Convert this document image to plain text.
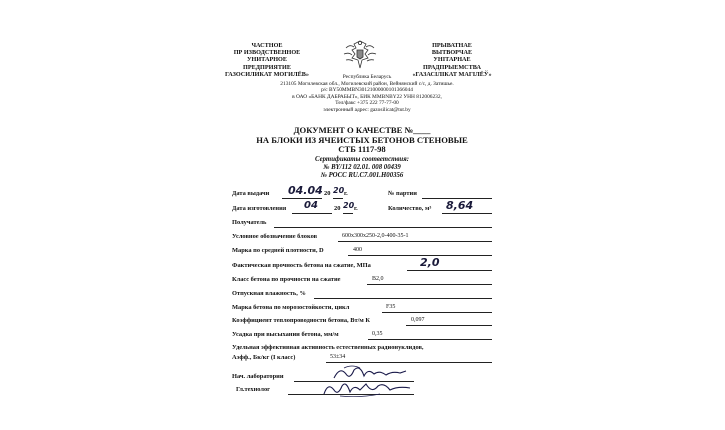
ЧАСТНОЕ
ПР ИЗВОДСТВЕННОЕ
УНИТАРНОЕ
ПРЕДПРИЯТИЕ
ГАЗОСИЛИКАТ МОГИЛЁВ»
ПРЫВАТНАЕ
ВЫТВОРЧАЕ
УНІТАРНАЕ
ПРАДПРЫЕМСТВА
«ГАЗАСІЛІКАТ МАГІЛЁЎ»
Республика Беларусь
213105 Могилевская обл., Могилевский район, Вейнянский с/с, д. Затишье.
р/с BY50MMBN30121000000101366044
в ОАО «БАНК ДАБРАБЫТ», БИК MMBNBY22 УНН 812006232,
Тел/факс +375 222 77-77-00
электронный адрес: gazosilicat@tut.by
ДОКУМЕНТ О КАЧЕСТВЕ №____
НА БЛОКИ ИЗ ЯЧЕИСТЫХ БЕТОНОВ СТЕНОВЫЕ
СТБ 1117-98
Сертификаты соответствия:
№ BY/112 02.01. 008 00439
№ РОСС RU.С7.001.Н00356
Дата выдачи 04.04 20 20 г.	№ партии
Дата изготовления 04	20 20 г.	Количество, м³ 8,64
Получатель
Условное обозначение блоков	600х300х250-2,0-400-35-1
Марка по средней плотности, D	400
Фактическая прочность бетона на сжатие, МПа	2,0
Класс бетона по прочности на сжатие	В2,0
Отпускная влажность, %
Марка бетона по морозостойкости, цикл	F35
Коэффициент теплопроводности бетона, Вт/м К	0,097
Усадка при высыхании бетона, мм/м	0,35
Удельная эффективная активность естественных радионуклидов,
Аэфф., Бк/кг (I класс)	53±34
Нач. лаборатории
Гл.технолог
